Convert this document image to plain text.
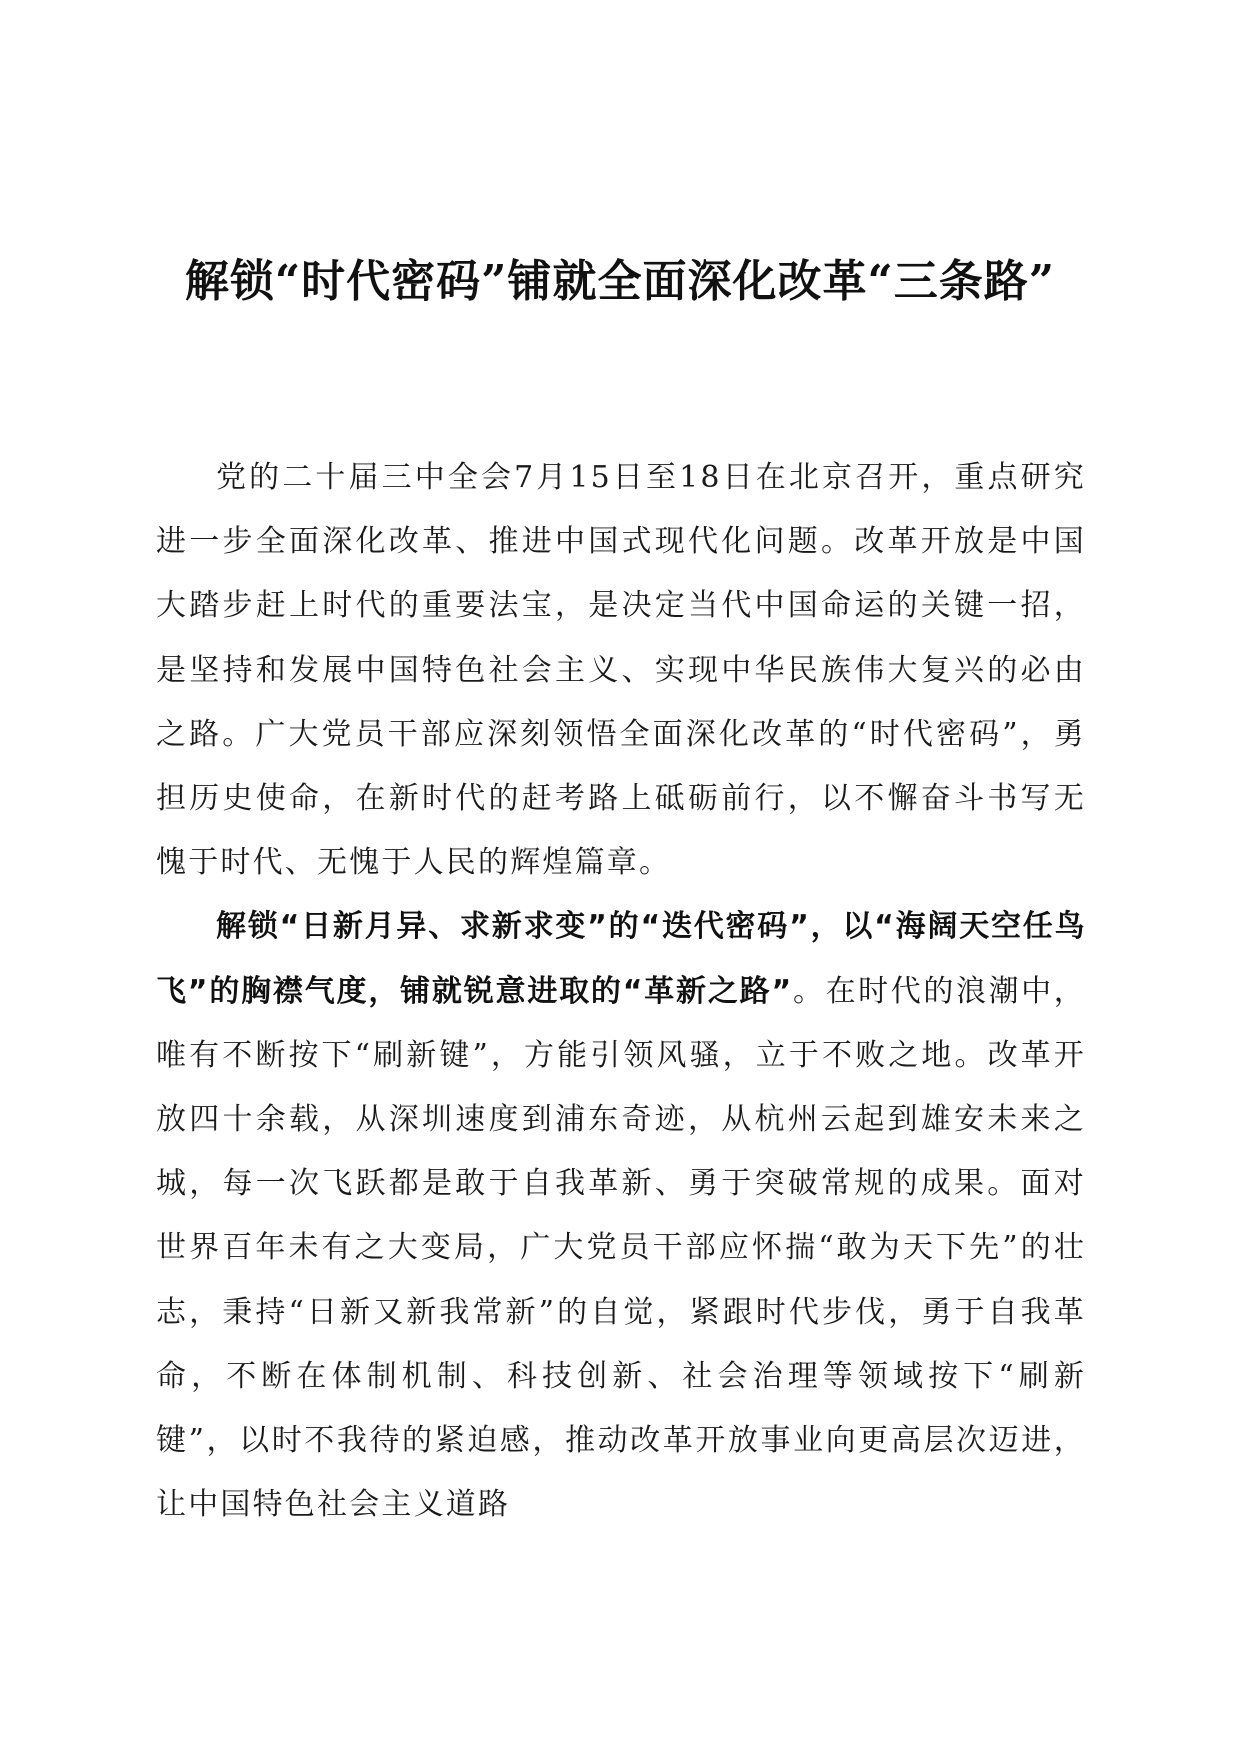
解锁“时代密码”铺就全面深化改革“三条路”

党的二十届三中全会7月15日至18日在北京召开，重点研究进一步全面深化改革、推进中国式现代化问题。改革开放是中国大踏步赶上时代的重要法宝，是决定当代中国命运的关键一招，是坚持和发展中国特色社会主义、实现中华民族伟大复兴的必由之路。广大党员干部应深刻领悟全面深化改革的“时代密码”，勇担历史使命，在新时代的赶考路上砥砺前行，以不懈奋斗书写无愧于时代、无愧于人民的辉煌篇章。

解锁“日新月异、求新求变”的“迭代密码”，以“海阔天空任鸟飞”的胸襟气度，铺就锐意进取的“革新之路”。在时代的浪潮中，唯有不断按下“刷新键”，方能引领风骚，立于不败之地。改革开放四十余载，从深圳速度到浦东奇迹，从杭州云起到雄安未来之城，每一次飞跃都是敢于自我革新、勇于突破常规的成果。面对世界百年未有之大变局，广大党员干部应怀揣“敢为天下先”的壮志，秉持“日新又新我常新”的自觉，紧跟时代步伐，勇于自我革命，不断在体制机制、科技创新、社会治理等领域按下“刷新键”，以时不我待的紧迫感，推动改革开放事业向更高层次迈进，让中国特色社会主义道路
